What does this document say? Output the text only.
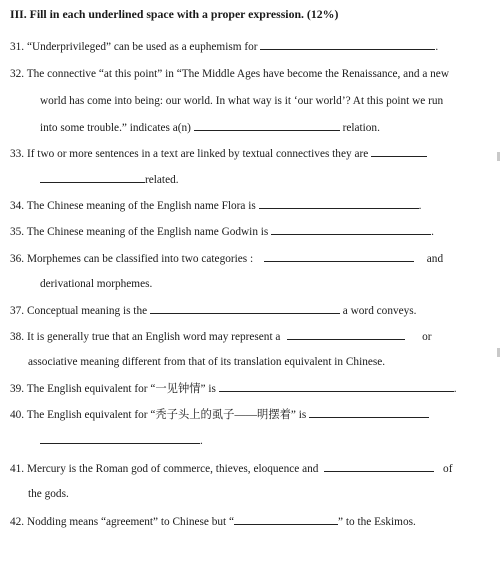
III. Fill in each underlined space with a proper expression. (12%)
31. “Underprivileged” can be used as a euphemism for	.
32. The connective “at this point” in “The Middle Ages have become the Renaissance, and a new
world has come into being: our world. In what way is it ‘our world’? At this point we run
into some trouble.” indicates a(n)	relation.
33. If two or more sentences in a text are linked by textual connectives they are
related.
34. The Chinese meaning of the English name Flora is	.
35. The Chinese meaning of the English name Godwin is	.
36. Morphemes can be classified into two categories :	and
derivational morphemes.
37. Conceptual meaning is the	a word conveys.
38. It is generally true that an English word may represent a	or
associative meaning different from that of its translation equivalent in Chinese.
39. The English equivalent for “一见钟情” is	.
40. The English equivalent for “秃子头上的虱子——明摆着” is
.
41. Mercury is the Roman god of commerce, thieves, eloquence and	of
the gods.
42. Nodding means “agreement” to Chinese but “	” to the Eskimos.
